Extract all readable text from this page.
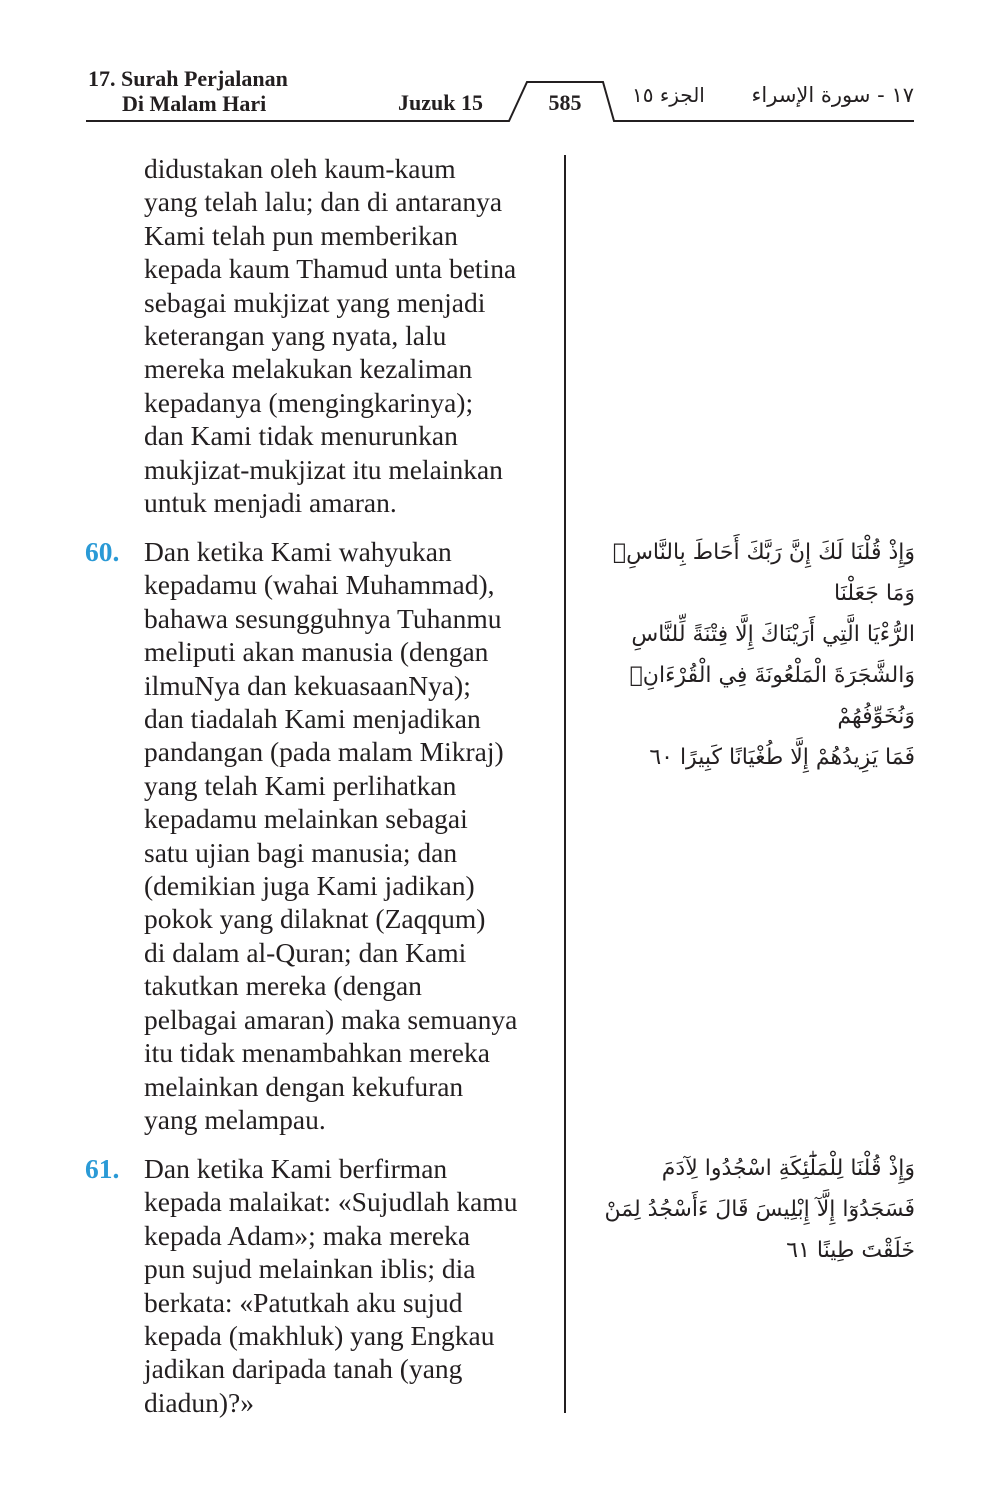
17. Surah Perjalanan
Di Malam Hari	Juzuk 15	585	الجزء ١٥ ١٧ - سورة الإسراء
didustakan oleh kaum-kaum
yang telah lalu; dan di antaranya
Kami telah pun memberikan
kepada kaum Thamud unta betina
sebagai mukjizat yang menjadi
keterangan yang nyata, lalu
mereka melakukan kezaliman
kepadanya (mengingkarinya);
dan Kami tidak menurunkan
mukjizat-mukjizat itu melainkan
untuk menjadi amaran.
60. Dan ketika Kami wahyukan
kepadamu (wahai Muhammad),
bahawa sesungguhnya Tuhanmu
meliputi akan manusia (dengan
ilmuNya dan kekuasaanNya);
dan tiadalah Kami menjadikan
pandangan (pada malam Mikraj)
yang telah Kami perlihatkan
kepadamu melainkan sebagai
satu ujian bagi manusia; dan
(demikian juga Kami jadikan)
pokok yang dilaknat (Zaqqum)
di dalam al-Quran; dan Kami
takutkan mereka (dengan
pelbagai amaran) maka semuanya
itu tidak menambahkan mereka
melainkan dengan kekufuran
yang melampau.
وَإِذْ قُلْنَا لَكَ إِنَّ رَبَّكَ أَحَاطَ بِالنَّاسِۚ وَمَا جَعَلْنَا
الرُّءْيَا الَّتِي أَرَيْنَاكَ إِلَّا فِتْنَةً لِّلنَّاسِ
وَالشَّجَرَةَ الْمَلْعُونَةَ فِي الْقُرْءَانِۚ وَنُخَوِّفُهُمْ
فَمَا يَزِيدُهُمْ إِلَّا طُغْيَانًا كَبِيرًا ٦٠
61. Dan ketika Kami berfirman
kepada malaikat: «Sujudlah kamu
kepada Adam»; maka mereka
pun sujud melainkan iblis; dia
berkata: «Patutkah aku sujud
kepada (makhluk) yang Engkau
jadikan daripada tanah (yang
diadun)?»
وَإِذْ قُلْنَا لِلْمَلَٰٓئِكَةِ اسْجُدُوا لِآدَمَ
فَسَجَدُوٓا إِلَّآ إِبْلِيسَ قَالَ ءَأَسْجُدُ لِمَنْ
خَلَقْتَ طِينًا ٦١
